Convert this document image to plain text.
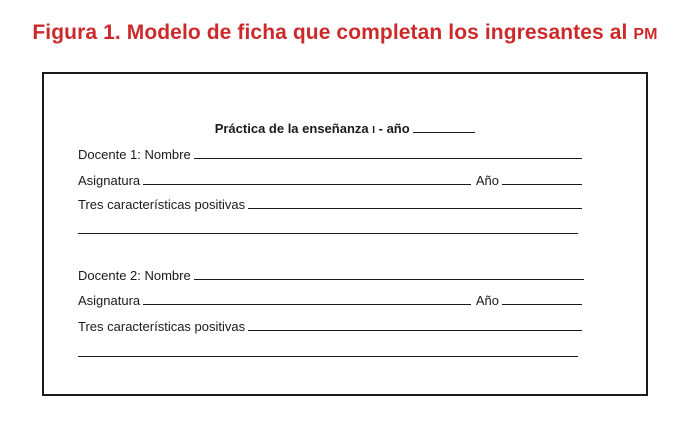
Figura 1. Modelo de ficha que completan los ingresantes al PM
Práctica de la enseñanza I - año
Docente 1: Nombre
Asignatura	Año
Tres características positivas
Docente 2: Nombre
Asignatura	Año
Tres características positivas
